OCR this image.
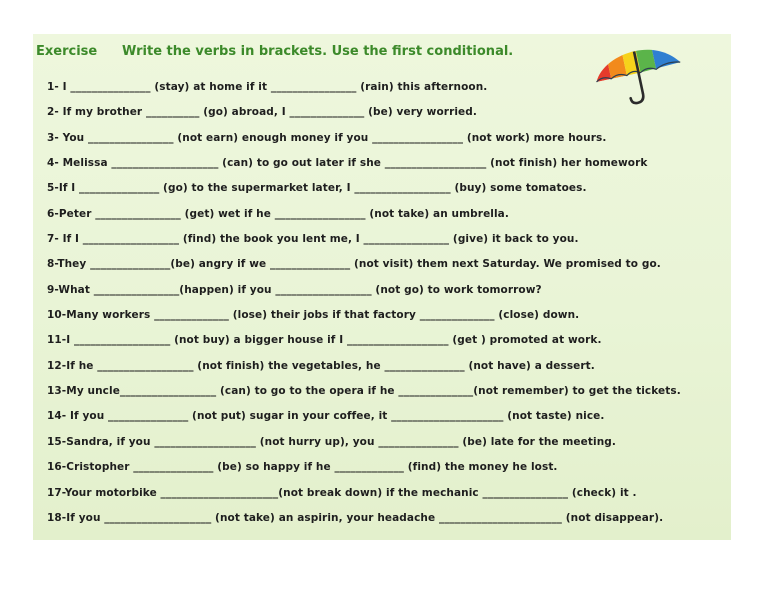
Exercise Write the verbs in brackets. Use the first conditional.
1- I _______________ (stay) at home if it ________________ (rain) this afternoon.
2- If my brother __________ (go) abroad, I ______________ (be) very worried.
3- You ________________ (not earn) enough money if you _________________ (not work) more hours.
4- Melissa ____________________ (can) to go out later if she ___________________ (not finish) her homework
5-If I _______________ (go) to the supermarket later, I __________________ (buy) some tomatoes.
6-Peter ________________ (get) wet if he _________________ (not take) an umbrella.
7- If I __________________ (find) the book you lent me, I ________________ (give) it back to you.
8-They _______________(be) angry if we _______________ (not visit) them next Saturday. We promised to go.
9-What ________________(happen) if you __________________ (not go) to work tomorrow?
10-Many workers ______________ (lose) their jobs if that factory ______________ (close) down.
11-I __________________ (not buy) a bigger house if I ___________________ (get ) promoted at work.
12-If he __________________ (not finish) the vegetables, he _______________ (not have) a dessert.
13-My uncle__________________ (can) to go to the opera if he ______________(not remember) to get the tickets.
14- If you _______________ (not put) sugar in your coffee, it _____________________ (not taste) nice.
15-Sandra, if you ___________________ (not hurry up), you _______________ (be) late for the meeting.
16-Cristopher _______________ (be) so happy if he _____________ (find) the money he lost.
17-Your motorbike ______________________(not break down) if the mechanic ________________ (check) it .
18-If you ____________________ (not take) an aspirin, your headache _______________________ (not disappear).
